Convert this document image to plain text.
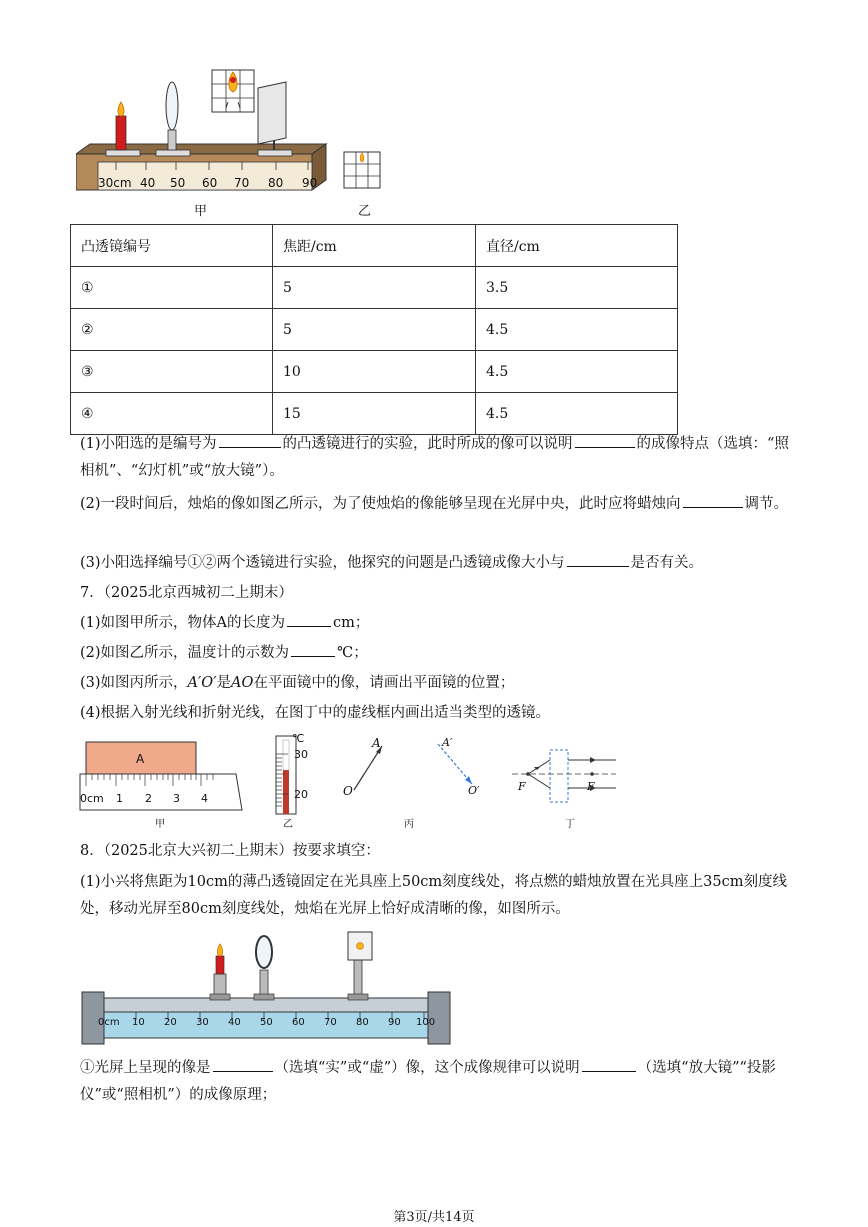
30cm 40 50 60 70 80 90
甲	乙
凸透镜编号	焦距/cm	直径/cm
①	5	3.5
②	5	4.5
③	10	4.5
④	15	4.5

(1)小阳选的是编号为	的凸透镜进行的实验，此时所成的像可以说明	的成像特点（选填：“照相机”、“幻灯机”或“放大镜”）。

(2)一段时间后，烛焰的像如图乙所示，为了使烛焰的像能够呈现在光屏中央，此时应将蜡烛向	调节。

(3)小阳选择编号①②两个透镜进行实验，他探究的问题是凸透镜成像大小与	是否有关。

7．（2025北京西城初二上期末）

(1)如图甲所示，物体A的长度为	cm；

(2)如图乙所示，温度计的示数为	℃；

(3)如图丙所示，A′O′是AO在平面镜中的像，请画出平面镜的位置；

(4)根据入射光线和折射光线，在图丁中的虚线框内画出适当类型的透镜。

A
0cm 1 2 3 4
℃
30
20
A
O
A′
O′	F	F
甲	乙	丙	丁

8．（2025北京大兴初二上期末）按要求填空：

(1)小兴将焦距为10cm的薄凸透镜固定在光具座上50cm刻度线处，将点燃的蜡烛放置在光具座上35cm刻度线处，移动光屏至80cm刻度线处，烛焰在光屏上恰好成清晰的像，如图所示。

0cm 10 20 30 40 50 60 70 80 90 100

①光屏上呈现的像是	（选填“实”或“虚”）像，这个成像规律可以说明	（选填“放大镜”“投影仪”或“照相机”）的成像原理；

第3页/共14页
